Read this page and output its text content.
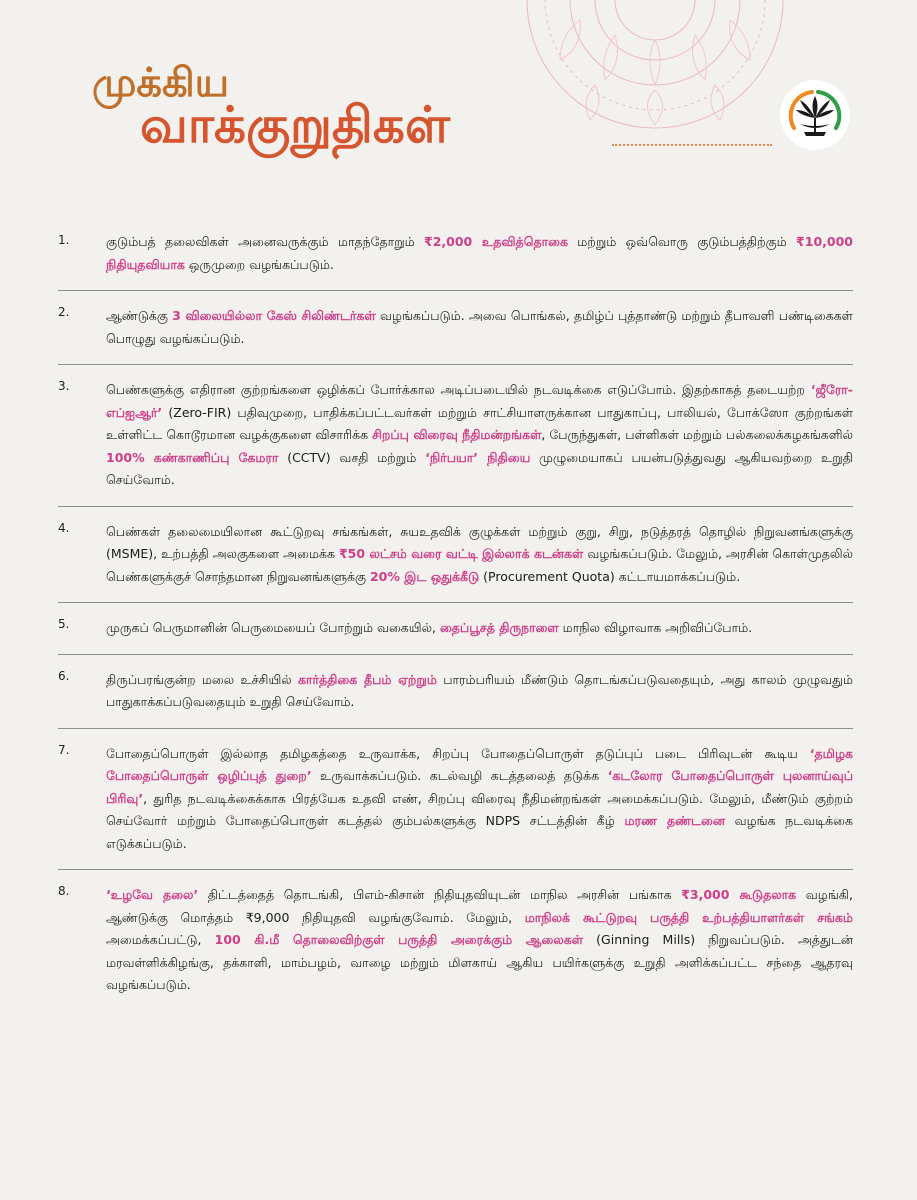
முக்கிய
வாக்குறுதிகள்
1.	குடும்பத் தலைவிகள் அனைவருக்கும் மாதந்தோறும் ₹2,000 உதவித்தொகை மற்றும் ஒவ்வொரு குடும்பத்திற்கும் ₹10,000 நிதியுதவியாக ஒருமுறை வழங்கப்படும்.
2.	ஆண்டுக்கு 3 விலையில்லா கேஸ் சிலிண்டர்கள் வழங்கப்படும். அவை பொங்கல், தமிழ்ப் புத்தாண்டு மற்றும் தீபாவளி பண்டிகைகள் பொழுது வழங்கப்படும்.
3.	பெண்களுக்கு எதிரான குற்றங்களை ஒழிக்கப் போர்க்கால அடிப்படையில் நடவடிக்கை எடுப்போம். இதற்காகத் தடையற்ற ‘ஜீரோ-எப்ஐஆர்’ (Zero-FIR) பதிவுமுறை, பாதிக்கப்பட்டவர்கள் மற்றும் சாட்சியாளருக்கான பாதுகாப்பு, பாலியல், போக்ஸோ குற்றங்கள் உள்ளிட்ட கொடூரமான வழக்குகளை விசாரிக்க சிறப்பு விரைவு நீதிமன்றங்கள், பேருந்துகள், பள்ளிகள் மற்றும் பல்கலைக்கழகங்களில் 100% கண்காணிப்பு கேமரா (CCTV) வசதி மற்றும் ‘நிர்பயா’ நிதியை முழுமையாகப் பயன்படுத்துவது ஆகியவற்றை உறுதி செய்வோம்.
4.	பெண்கள் தலைமையிலான கூட்டுறவு சங்கங்கள், சுயஉதவிக் குழுக்கள் மற்றும் குறு, சிறு, நடுத்தரத் தொழில் நிறுவனங்களுக்கு (MSME), உற்பத்தி அலகுகளை அமைக்க ₹50 லட்சம் வரை வட்டி இல்லாக் கடன்கள் வழங்கப்படும். மேலும், அரசின் கொள்முதலில் பெண்களுக்குச் சொந்தமான நிறுவனங்களுக்கு 20% இட ஒதுக்கீடு (Procurement Quota) கட்டாயமாக்கப்படும்.
5.	முருகப் பெருமானின் பெருமையைப் போற்றும் வகையில், தைப்பூசத் திருநாளை மாநில விழாவாக அறிவிப்போம்.
6.	திருப்பரங்குன்ற மலை உச்சியில் கார்த்திகை தீபம் ஏற்றும் பாரம்பரியம் மீண்டும் தொடங்கப்படுவதையும், அது காலம் முழுவதும் பாதுகாக்கப்படுவதையும் உறுதி செய்வோம்.
7.	போதைப்பொருள் இல்லாத தமிழகத்தை உருவாக்க, சிறப்பு போதைப்பொருள் தடுப்புப் படை பிரிவுடன் கூடிய ‘தமிழக போதைப்பொருள் ஒழிப்புத் துறை’ உருவாக்கப்படும். கடல்வழி கடத்தலைத் தடுக்க ‘கடலோர போதைப்பொருள் புலனாய்வுப் பிரிவு’, துரித நடவடிக்கைக்காக பிரத்யேக உதவி எண், சிறப்பு விரைவு நீதிமன்றங்கள் அமைக்கப்படும். மேலும், மீண்டும் குற்றம் செய்வோர் மற்றும் போதைப்பொருள் கடத்தல் கும்பல்களுக்கு NDPS சட்டத்தின் கீழ் மரண தண்டனை வழங்க நடவடிக்கை எடுக்கப்படும்.
8.	‘உழவே தலை’ திட்டத்தைத் தொடங்கி, பிஎம்-கிசான் நிதியுதவியுடன் மாநில அரசின் பங்காக ₹3,000 கூடுதலாக வழங்கி, ஆண்டுக்கு மொத்தம் ₹9,000 நிதியுதவி வழங்குவோம். மேலும், மாநிலக் கூட்டுறவு பருத்தி உற்பத்தியாளர்கள் சங்கம் அமைக்கப்பட்டு, 100 கி.மீ தொலைவிற்குள் பருத்தி அரைக்கும் ஆலைகள் (Ginning Mills) நிறுவப்படும். அத்துடன் மரவள்ளிக்கிழங்கு, தக்காளி, மாம்பழம், வாழை மற்றும் மிளகாய் ஆகிய பயிர்களுக்கு உறுதி அளிக்கப்பட்ட சந்தை ஆதரவு வழங்கப்படும்.
